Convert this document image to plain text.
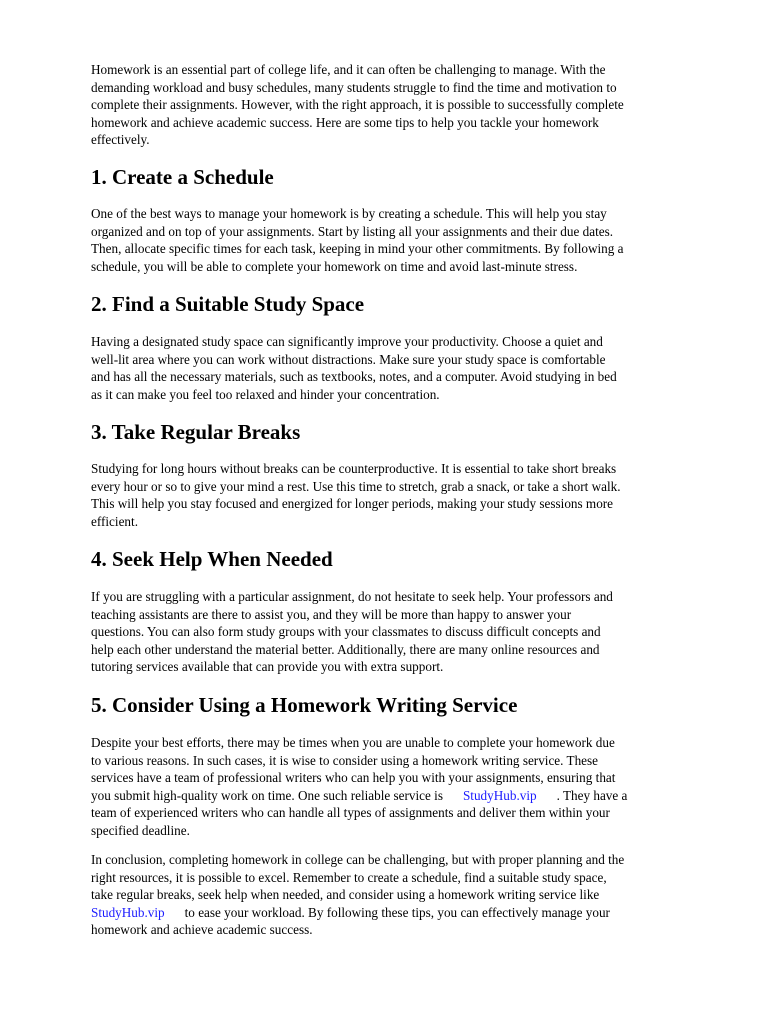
Homework is an essential part of college life, and it can often be challenging to manage. With the
demanding workload and busy schedules, many students struggle to find the time and motivation to
complete their assignments. However, with the right approach, it is possible to successfully complete
homework and achieve academic success. Here are some tips to help you tackle your homework
effectively.

1. Create a Schedule

One of the best ways to manage your homework is by creating a schedule. This will help you stay
organized and on top of your assignments. Start by listing all your assignments and their due dates.
Then, allocate specific times for each task, keeping in mind your other commitments. By following a
schedule, you will be able to complete your homework on time and avoid last-minute stress.

2. Find a Suitable Study Space

Having a designated study space can significantly improve your productivity. Choose a quiet and
well-lit area where you can work without distractions. Make sure your study space is comfortable
and has all the necessary materials, such as textbooks, notes, and a computer. Avoid studying in bed
as it can make you feel too relaxed and hinder your concentration.

3. Take Regular Breaks

Studying for long hours without breaks can be counterproductive. It is essential to take short breaks
every hour or so to give your mind a rest. Use this time to stretch, grab a snack, or take a short walk.
This will help you stay focused and energized for longer periods, making your study sessions more
efficient.

4. Seek Help When Needed

If you are struggling with a particular assignment, do not hesitate to seek help. Your professors and
teaching assistants are there to assist you, and they will be more than happy to answer your
questions. You can also form study groups with your classmates to discuss difficult concepts and
help each other understand the material better. Additionally, there are many online resources and
tutoring services available that can provide you with extra support.

5. Consider Using a Homework Writing Service

Despite your best efforts, there may be times when you are unable to complete your homework due
to various reasons. In such cases, it is wise to consider using a homework writing service. These
services have a team of professional writers who can help you with your assignments, ensuring that
you submit high-quality work on time. One such reliable service is StudyHub.vip . They have a
team of experienced writers who can handle all types of assignments and deliver them within your
specified deadline.

In conclusion, completing homework in college can be challenging, but with proper planning and the
right resources, it is possible to excel. Remember to create a schedule, find a suitable study space,
take regular breaks, seek help when needed, and consider using a homework writing service like
StudyHub.vip to ease your workload. By following these tips, you can effectively manage your
homework and achieve academic success.
